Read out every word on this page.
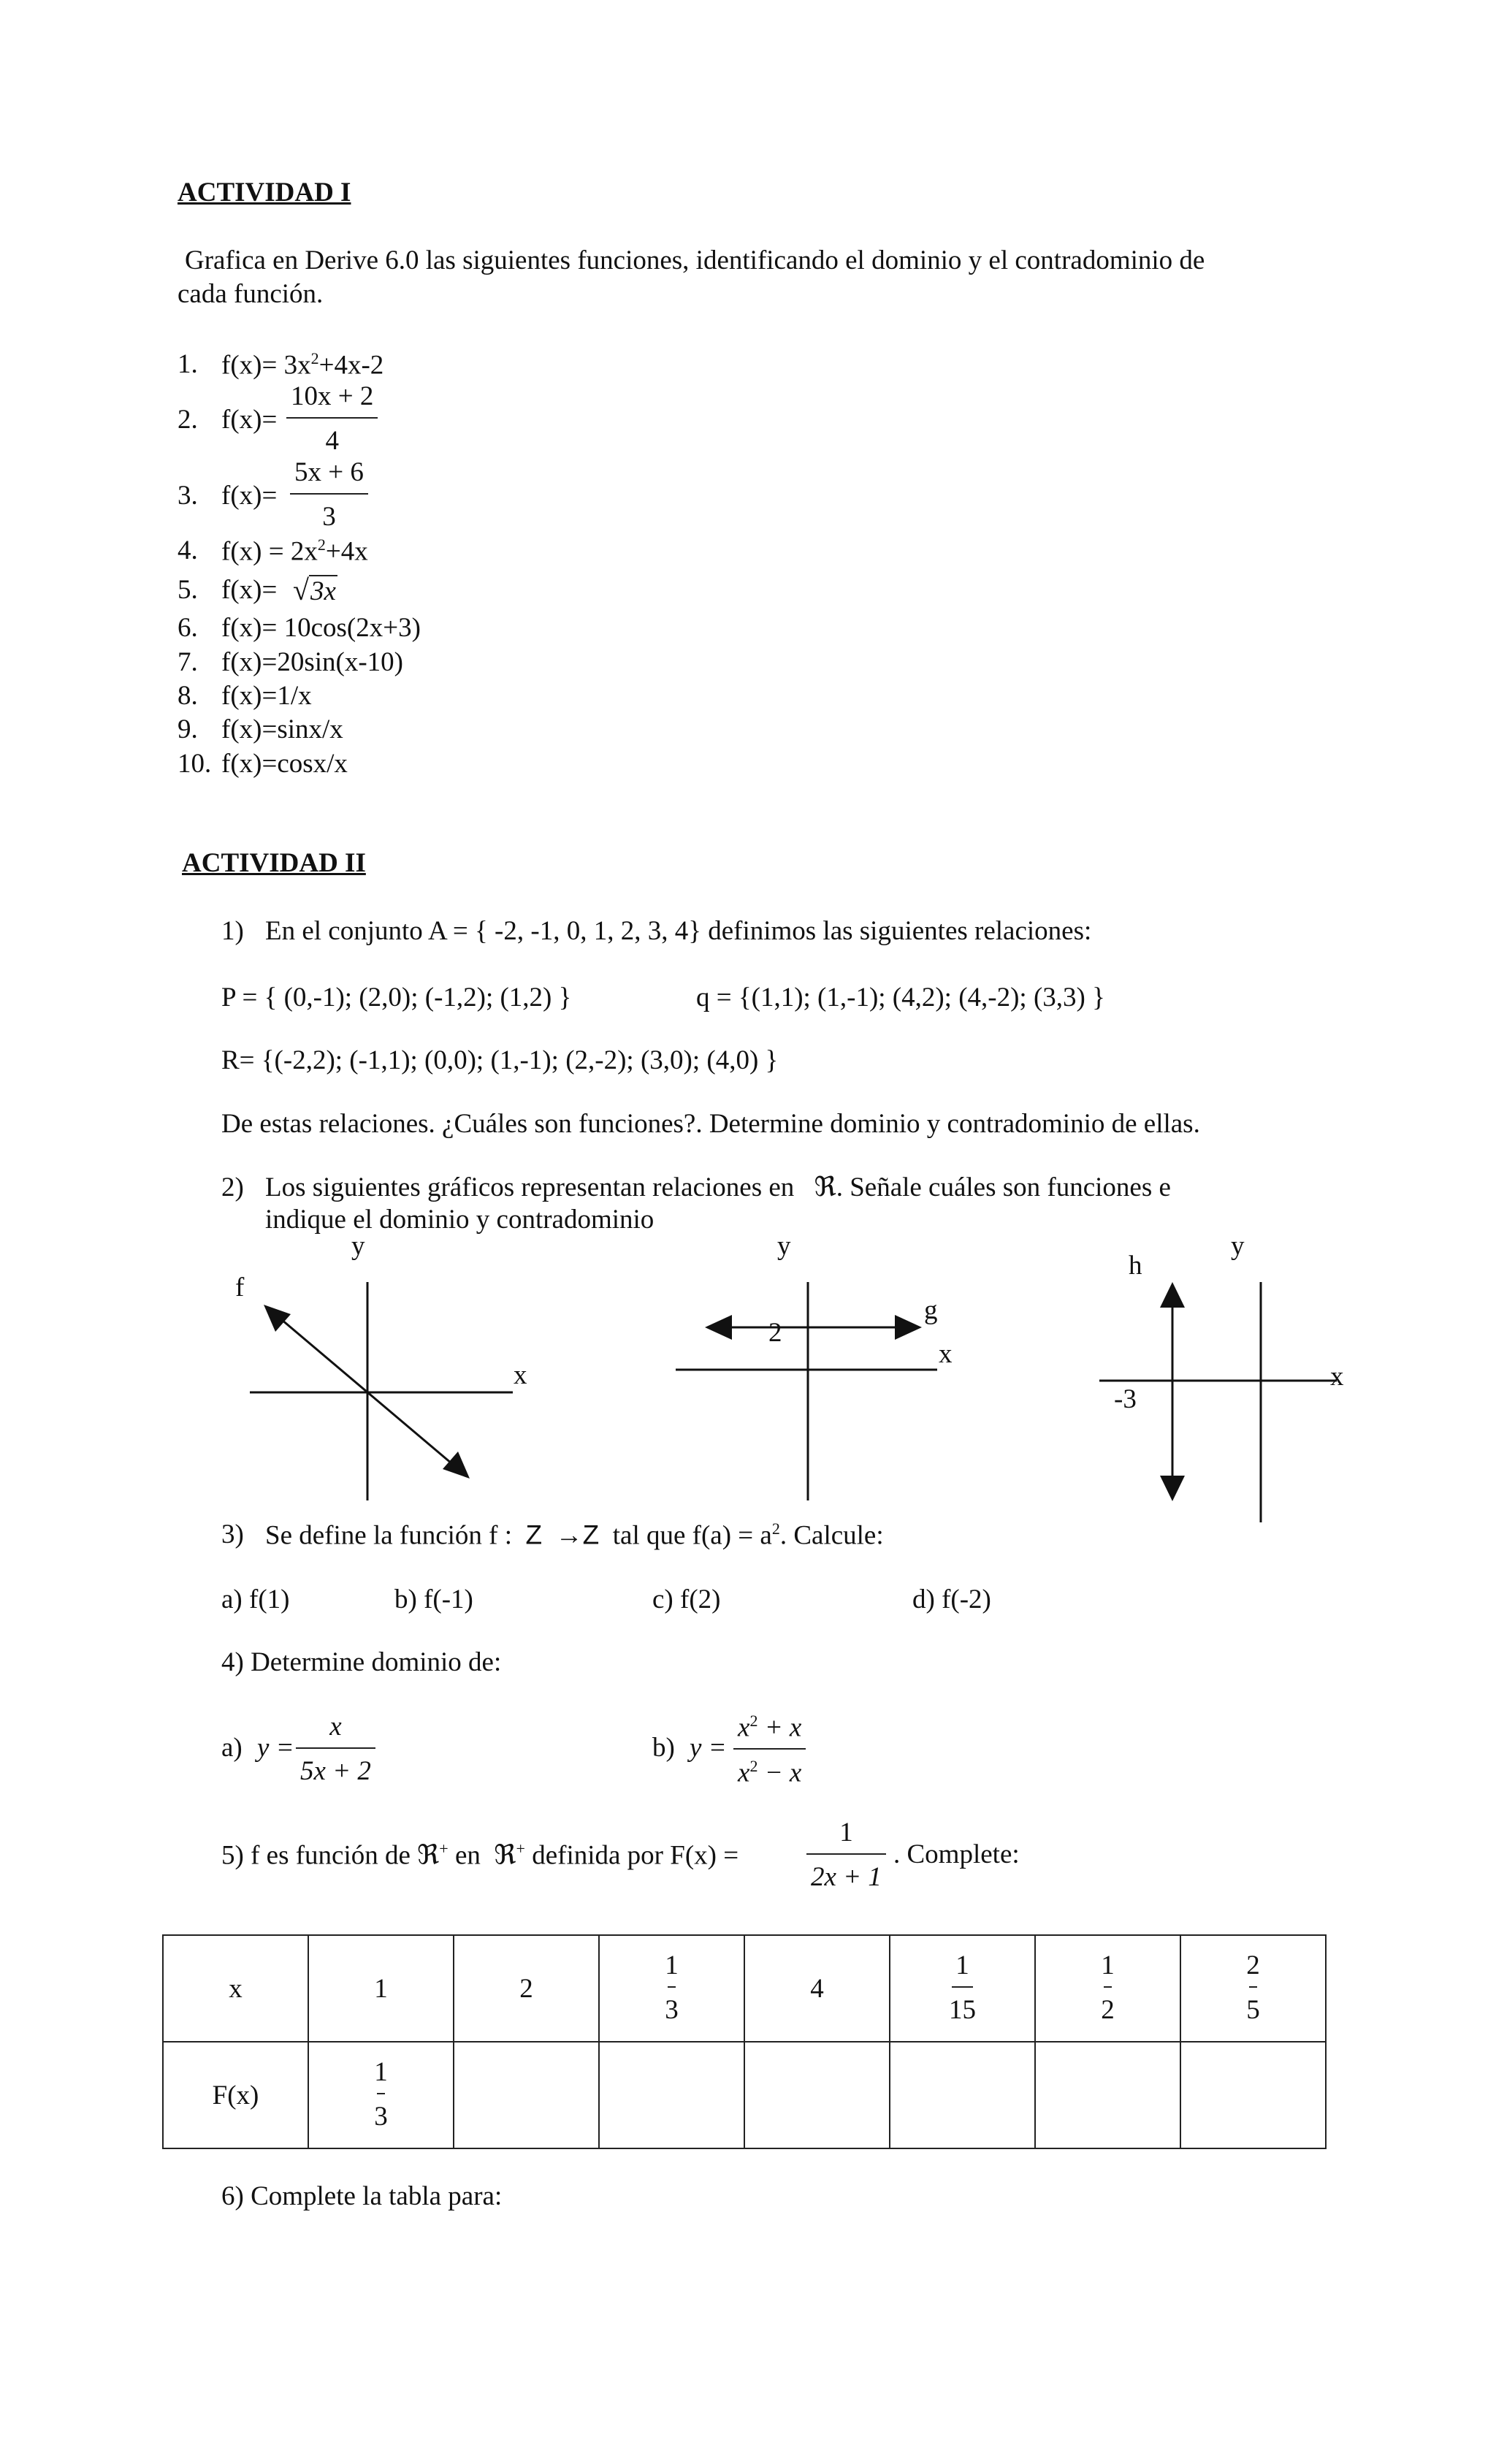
ACTIVIDAD I
Grafica en Derive 6.0 las siguientes funciones, identificando el dominio y el contradominio de
cada función.
1. $f(x)= 3x^2+4x-2$
2. f(x)=
10x + 2
4
3. f(x)=
5x + 6
3
4. $f(x) = 2x^2+4x$
5. f(x)= √3x
6. f(x)= 10cos(2x+3)
7. f(x)=20sin(x-10)
8. f(x)=1/x
9. f(x)=sinx/x
10. f(x)=cosx/x
ACTIVIDAD II
1) En el conjunto A = { -2, -1, 0, 1, 2, 3, 4} definimos las siguientes relaciones:
P = { (0,-1); (2,0); (-1,2); (1,2) }	q = {(1,1); (1,-1); (4,2); (4,-2); (3,3) }
R= {(-2,2); (-1,1); (0,0); (1,-1); (2,-2); (3,0); (4,0) }
De estas relaciones. ¿Cuáles son funciones?. Determine dominio y contradominio de ellas.
2) Los siguientes gráficos representan relaciones en ℜ. Señale cuáles son funciones e
indique el dominio y contradominio
y
f
x
y
g
x
2
h
y
x
-3
3) Se define la función f : Z →Z tal que $f(a) = a^2$. Calcule:
a) f(1)	b) f(-1)	c) f(2)	d) f(-2)
4) Determine dominio de:
a) y =
x
5x + 2
b) y =
$x^2 + x$
$x^2 - x$
5) f es función de ℜ+ en ℜ+ definida por F(x) =
1
2x + 1
. Complete:
x	1	2	$\frac{1}{3}$	4	$\frac{1}{15}$	$\frac{1}{2}$	$\frac{2}{5}$
F(x)	$\frac{1}{3}$						
6) Complete la tabla para:
